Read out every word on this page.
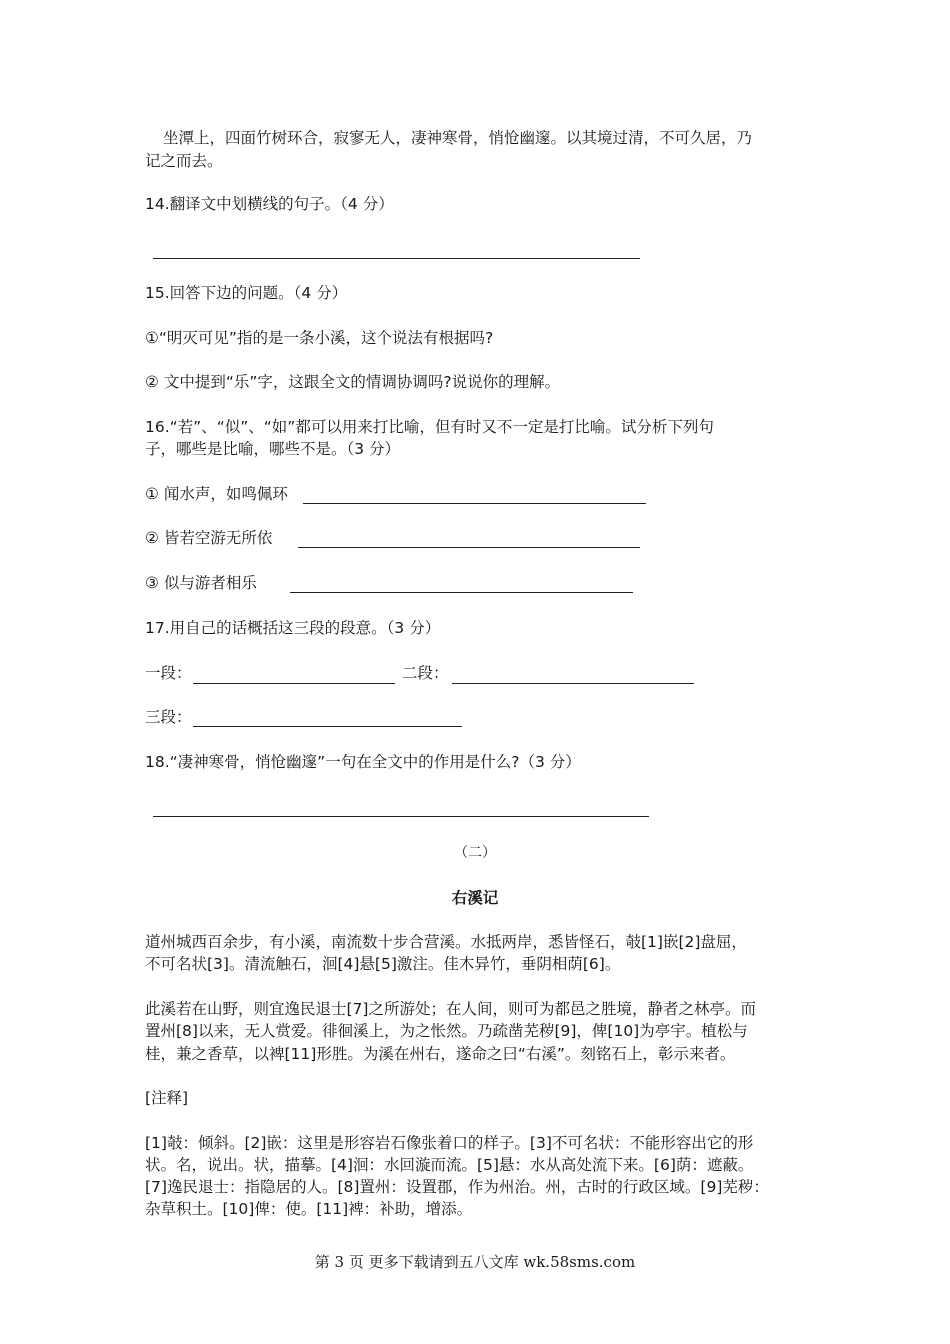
坐潭上，四面竹树环合，寂寥无人，凄神寒骨，悄怆幽邃。以其境过清，不可久居，乃
记之而去。
14.翻译文中划横线的句子。（4 分）
15.回答下边的问题。（4 分）
①“明灭可见”指的是一条小溪，这个说法有根据吗?
② 文中提到“乐”字，这跟全文的情调协调吗?说说你的理解。
16.“若”、“似”、“如”都可以用来打比喻，但有时又不一定是打比喻。试分析下列句
子，哪些是比喻，哪些不是。（3 分）
① 闻水声，如鸣佩环
② 皆若空游无所依
③ 似与游者相乐
17.用自己的话概括这三段的段意。（3 分）
一段：	二段：
三段：
18.“凄神寒骨，悄怆幽邃”一句在全文中的作用是什么?（3 分）
（二）
右溪记
道州城西百余步，有小溪，南流数十步合营溪。水抵两岸，悉皆怪石，攲[1]嵌[2]盘屈，
不可名状[3]。清流触石，洄[4]悬[5]激注。佳木异竹，垂阴相荫[6]。
此溪若在山野，则宜逸民退士[7]之所游处；在人间，则可为都邑之胜境，静者之林亭。而
置州[8]以来，无人赏爱。徘徊溪上，为之怅然。乃疏凿芜秽[9]，俾[10]为亭宇。植松与
桂，兼之香草，以裨[11]形胜。为溪在州右，遂命之曰“右溪”。刻铭石上，彰示来者。
[注释]
[1]攲：倾斜。[2]嵌：这里是形容岩石像张着口的样子。[3]不可名状：不能形容出它的形
状。名，说出。状，描摹。[4]洄：水回漩而流。[5]悬：水从高处流下来。[6]荫：遮蔽。
[7]逸民退士：指隐居的人。[8]置州：设置郡，作为州治。州，古时的行政区域。[9]芜秽：
杂草积土。[10]俾：使。[11]裨：补助，增添。
第 3 页 更多下载请到五八文库 wk.58sms.com
